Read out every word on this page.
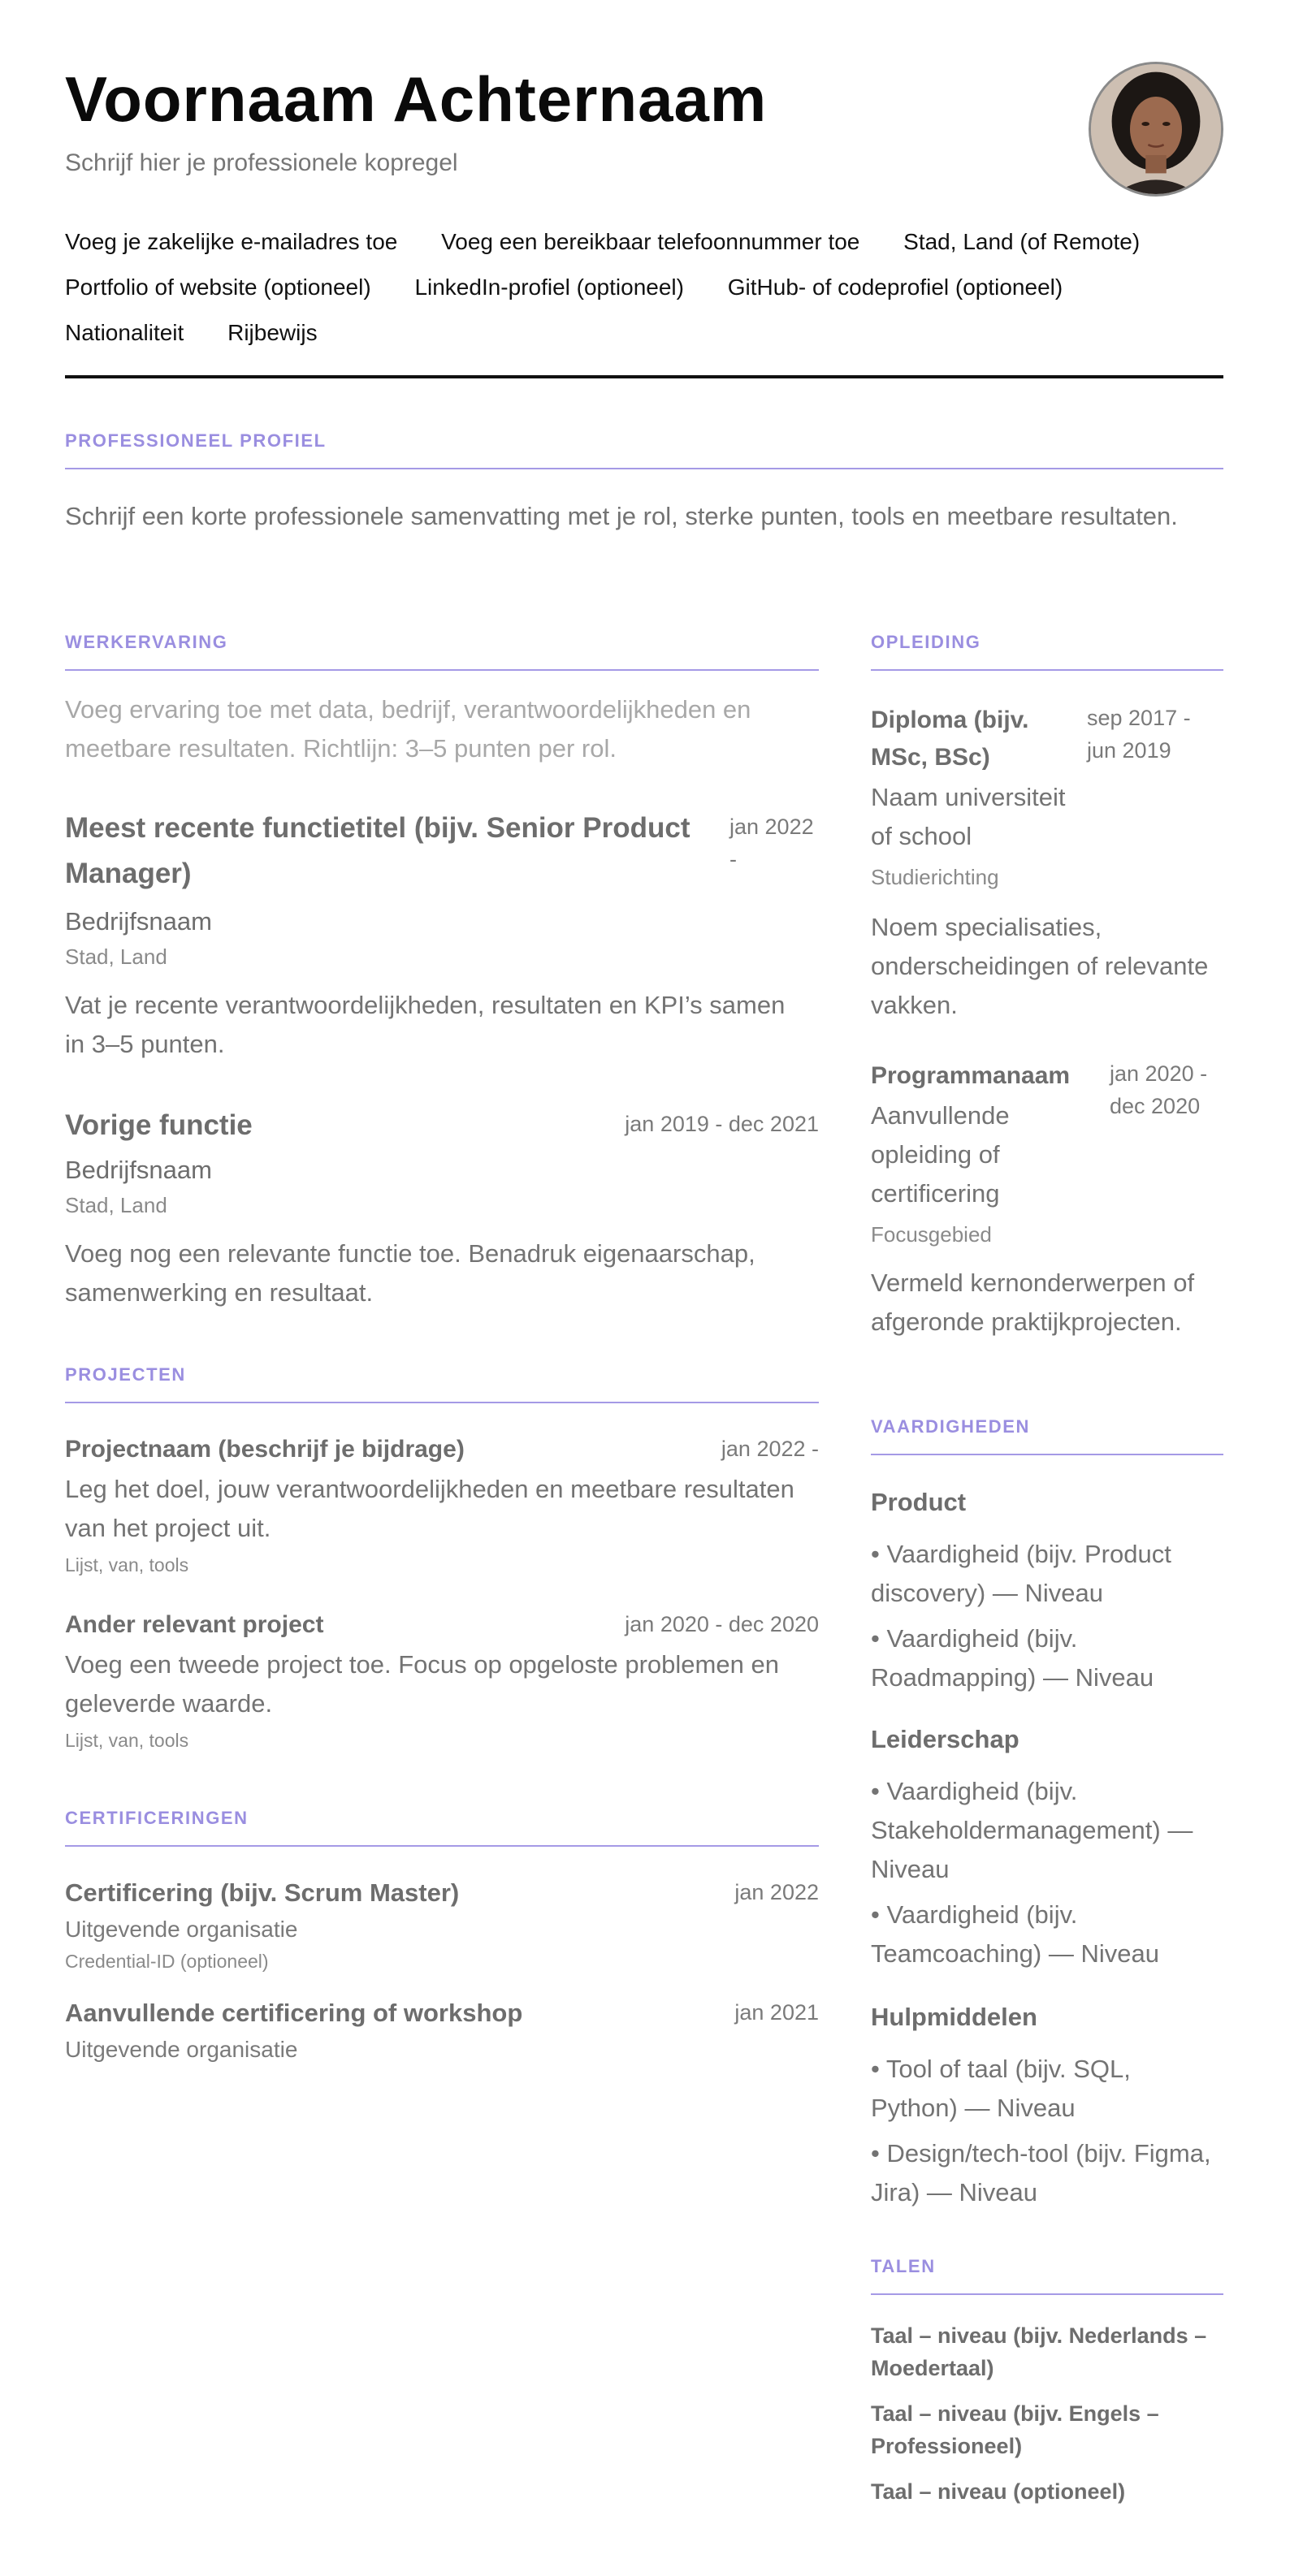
Voornaam Achternaam
Schrijf hier je professionele kopregel
Voeg je zakelijke e-mailadres toe Voeg een bereikbaar telefoonnummer toe Stad, Land (of Remote)
Portfolio of website (optioneel) LinkedIn-profiel (optioneel) GitHub- of codeprofiel (optioneel)
Nationaliteit Rijbewijs
PROFESSIONEEL PROFIEL

Schrijf een korte professionele samenvatting met je rol, sterke punten, tools en meetbare resultaten.

WERKERVARING

Voeg ervaring toe met data, bedrijf, verantwoordelijkheden en meetbare resultaten. Richtlijn: 3–5 punten per rol.

Meest recente functietitel (bijv. Senior Product Manager)
jan 2022 -
Bedrijfsnaam
Stad, Land

Vat je recente verantwoordelijkheden, resultaten en KPI’s samen in 3–5 punten.

Vorige functie	jan 2019 - dec 2021
Bedrijfsnaam
Stad, Land

Voeg nog een relevante functie toe. Benadruk eigenaarschap, samenwerking en resultaat.

PROJECTEN
Projectnaam (beschrijf je bijdrage)	jan 2022 -

Leg het doel, jouw verantwoordelijkheden en meetbare resultaten van het project uit.

Lijst, van, tools
Ander relevant project	jan 2020 - dec 2020

Voeg een tweede project toe. Focus op opgeloste problemen en geleverde waarde.

Lijst, van, tools
CERTIFICERINGEN
Certificering (bijv. Scrum Master)	jan 2022
Uitgevende organisatie
Credential-ID (optioneel)
Aanvullende certificering of workshop	jan 2021
Uitgevende organisatie
OPLEIDING
Diploma (bijv. MSc, BSc)
sep 2017 - jun 2019
Naam universiteit of school
Studierichting

Noem specialisaties, onderscheidingen of relevante vakken.

Programmanaam	jan 2020 - dec 2020
Aanvullende opleiding of certificering
Focusgebied

Vermeld kernonderwerpen of afgeronde praktijkprojecten.

VAARDIGHEDEN
Product

• Vaardigheid (bijv. Product discovery) — Niveau

• Vaardigheid (bijv. Roadmapping) — Niveau

Leiderschap

• Vaardigheid (bijv. Stakeholdermanagement) — Niveau

• Vaardigheid (bijv. Teamcoaching) — Niveau

Hulpmiddelen

• Tool of taal (bijv. SQL, Python) — Niveau

• Design/tech-tool (bijv. Figma, Jira) — Niveau

TALEN

Taal – niveau (bijv. Nederlands – Moedertaal)

Taal – niveau (bijv. Engels – Professioneel)

Taal – niveau (optioneel)
